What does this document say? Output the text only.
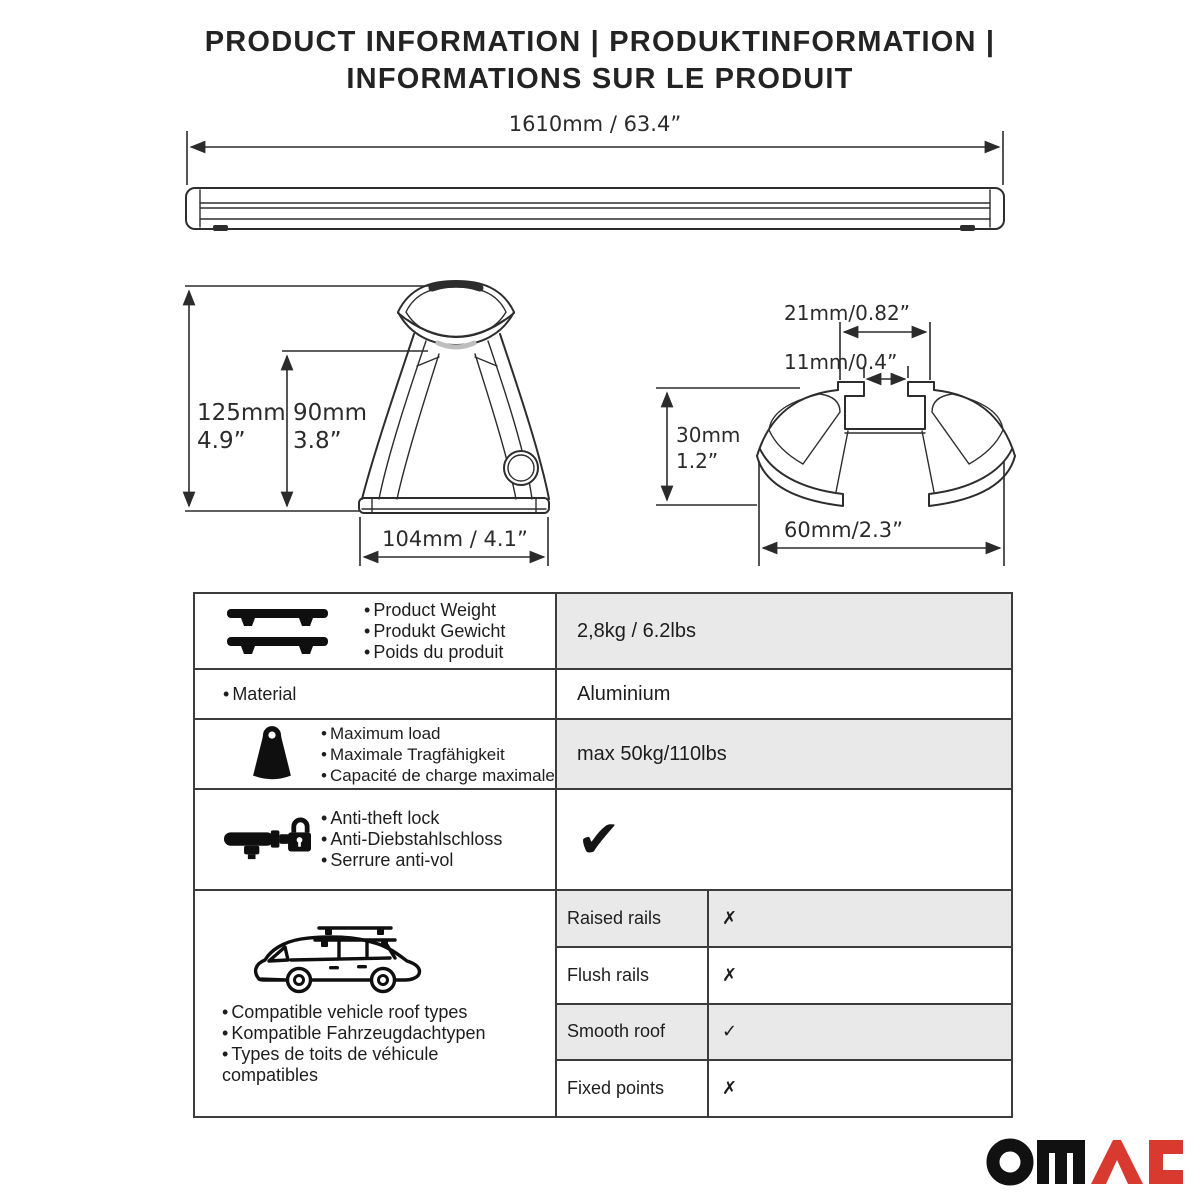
PRODUCT INFORMATION | PRODUKTINFORMATION |
INFORMATIONS SUR LE PRODUIT
1610mm / 63.4”
125mm
4.9”
90mm
3.8”
104mm / 4.1”
21mm/0.82”
11mm/0.4”
30mm
1.2”
60mm/2.3”
• Product Weight
• Produkt Gewicht
• Poids du produit
2,8kg / 6.2lbs
• Material	Aluminium
• Maximum load
• Maximale Tragfähigkeit
• Capacité de charge maximale
max 50kg/110lbs
• Anti-theft lock
• Anti-Diebstahlschloss
• Serrure anti-vol	✔
• Compatible vehicle roof types
• Kompatible Fahrzeugdachtypen
• Types de toits de véhicule compatibles
Raised rails	✗
Flush rails	✗
Smooth roof	✓
Fixed points	✗
